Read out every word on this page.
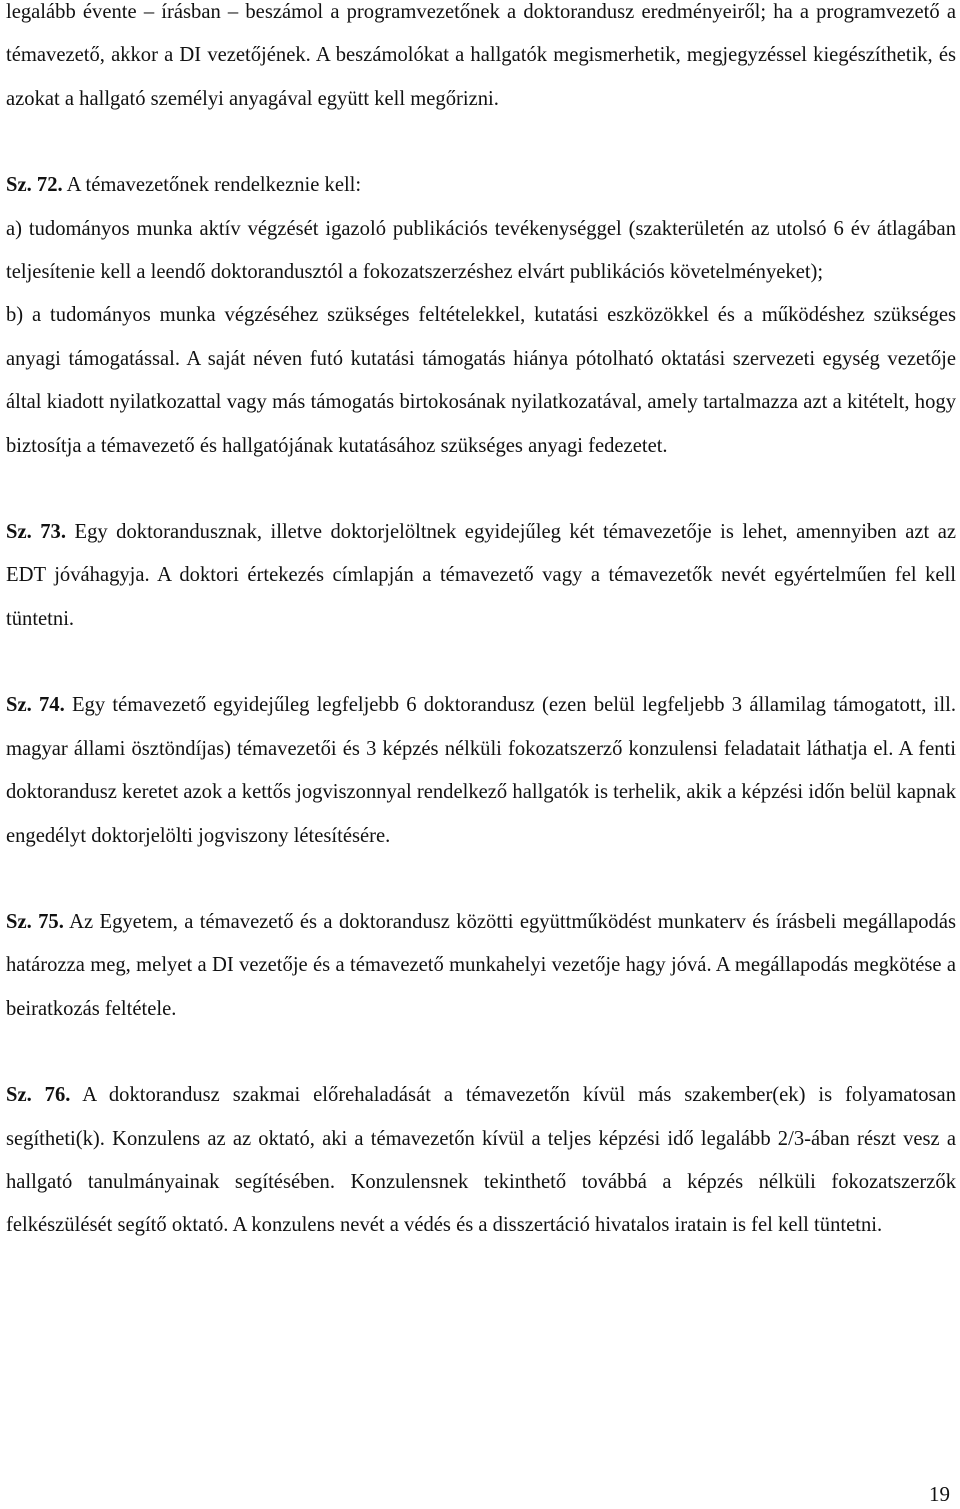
legalább évente – írásban – beszámol a programvezetőnek a doktorandusz eredményeiről; ha a programvezető a témavezető, akkor a DI vezetőjének. A beszámolókat a hallgatók megismerhetik, megjegyzéssel kiegészíthetik, és azokat a hallgató személyi anyagával együtt kell megőrizni.

Sz. 72. A témavezetőnek rendelkeznie kell:

a) tudományos munka aktív végzését igazoló publikációs tevékenységgel (szakterületén az utolsó 6 év átlagában teljesítenie kell a leendő doktorandusztól a fokozatszerzéshez elvárt publikációs követelményeket);

b) a tudományos munka végzéséhez szükséges feltételekkel, kutatási eszközökkel és a működéshez szükséges anyagi támogatással. A saját néven futó kutatási támogatás hiánya pótolható oktatási szervezeti egység vezetője által kiadott nyilatkozattal vagy más támogatás birtokosának nyilatkozatával, amely tartalmazza azt a kitételt, hogy biztosítja a témavezető és hallgatójának kutatásához szükséges anyagi fedezetet.

Sz. 73. Egy doktorandusznak, illetve doktorjelöltnek egyidejűleg két témavezetője is lehet, amennyiben azt az EDT jóváhagyja. A doktori értekezés címlapján a témavezető vagy a témavezetők nevét egyértelműen fel kell tüntetni.

Sz. 74. Egy témavezető egyidejűleg legfeljebb 6 doktorandusz (ezen belül legfeljebb 3 államilag támogatott, ill. magyar állami ösztöndíjas) témavezetői és 3 képzés nélküli fokozatszerző konzulensi feladatait láthatja el. A fenti doktorandusz keretet azok a kettős jogviszonnyal rendelkező hallgatók is terhelik, akik a képzési időn belül kapnak engedélyt doktorjelölti jogviszony létesítésére.

Sz. 75. Az Egyetem, a témavezető és a doktorandusz közötti együttműködést munkaterv és írásbeli megállapodás határozza meg, melyet a DI vezetője és a témavezető munkahelyi vezetője hagy jóvá. A megállapodás megkötése a beiratkozás feltétele.

Sz. 76. A doktorandusz szakmai előrehaladását a témavezetőn kívül más szakember(ek) is folyamatosan segítheti(k). Konzulens az az oktató, aki a témavezetőn kívül a teljes képzési idő legalább 2/3-ában részt vesz a hallgató tanulmányainak segítésében. Konzulensnek tekinthető továbbá a képzés nélküli fokozatszerzők felkészülését segítő oktató. A konzulens nevét a védés és a disszertáció hivatalos iratain is fel kell tüntetni.

19
